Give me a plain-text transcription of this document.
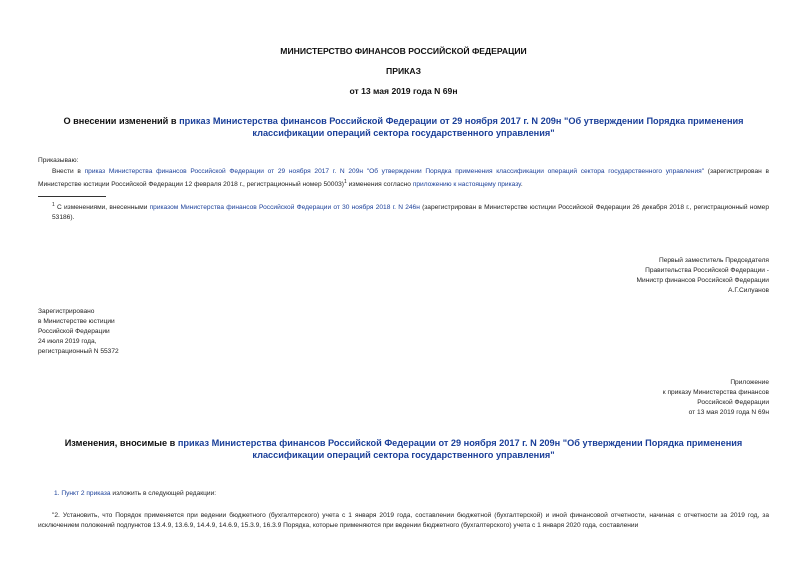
МИНИСТЕРСТВО ФИНАНСОВ РОССИЙСКОЙ ФЕДЕРАЦИИ
ПРИКАЗ
от 13 мая 2019 года N 69н
О внесении изменений в приказ Министерства финансов Российской Федерации от 29 ноября 2017 г. N 209н "Об утверждении Порядка применения классификации операций сектора государственного управления"
Приказываю:
Внести в приказ Министерства финансов Российской Федерации от 29 ноября 2017 г. N 209н "Об утверждении Порядка применения классификации операций сектора государственного управления" (зарегистрирован в Министерстве юстиции Российской Федерации 12 февраля 2018 г., регистрационный номер 50003)$^1$ изменения согласно приложению к настоящему приказу.
$^1$ С изменениями, внесенными приказом Министерства финансов Российской Федерации от 30 ноября 2018 г. N 246н (зарегистрирован в Министерстве юстиции Российской Федерации 26 декабря 2018 г., регистрационный номер 53186).
Первый заместитель Председателя
Правительства Российской Федерации -
Министр финансов Российской Федерации
А.Г.Силуанов
Зарегистрировано
в Министерстве юстиции
Российской Федерации
24 июля 2019 года,
регистрационный N 55372
Приложение
к приказу Министерства финансов
Российской Федерации
от 13 мая 2019 года N 69н
Изменения, вносимые в приказ Министерства финансов Российской Федерации от 29 ноября 2017 г. N 209н "Об утверждении Порядка применения классификации операций сектора государственного управления"
1. Пункт 2 приказа изложить в следующей редакции:
"2. Установить, что Порядок применяется при ведении бюджетного (бухгалтерского) учета с 1 января 2019 года, составлении бюджетной (бухгалтерской) и иной финансовой отчетности, начиная с отчетности за 2019 год, за исключением положений подпунктов 13.4.9, 13.6.9, 14.4.9, 14.6.9, 15.3.9, 16.3.9 Порядка, которые применяются при ведении бюджетного (бухгалтерского) учета с 1 января 2020 года, составлении
